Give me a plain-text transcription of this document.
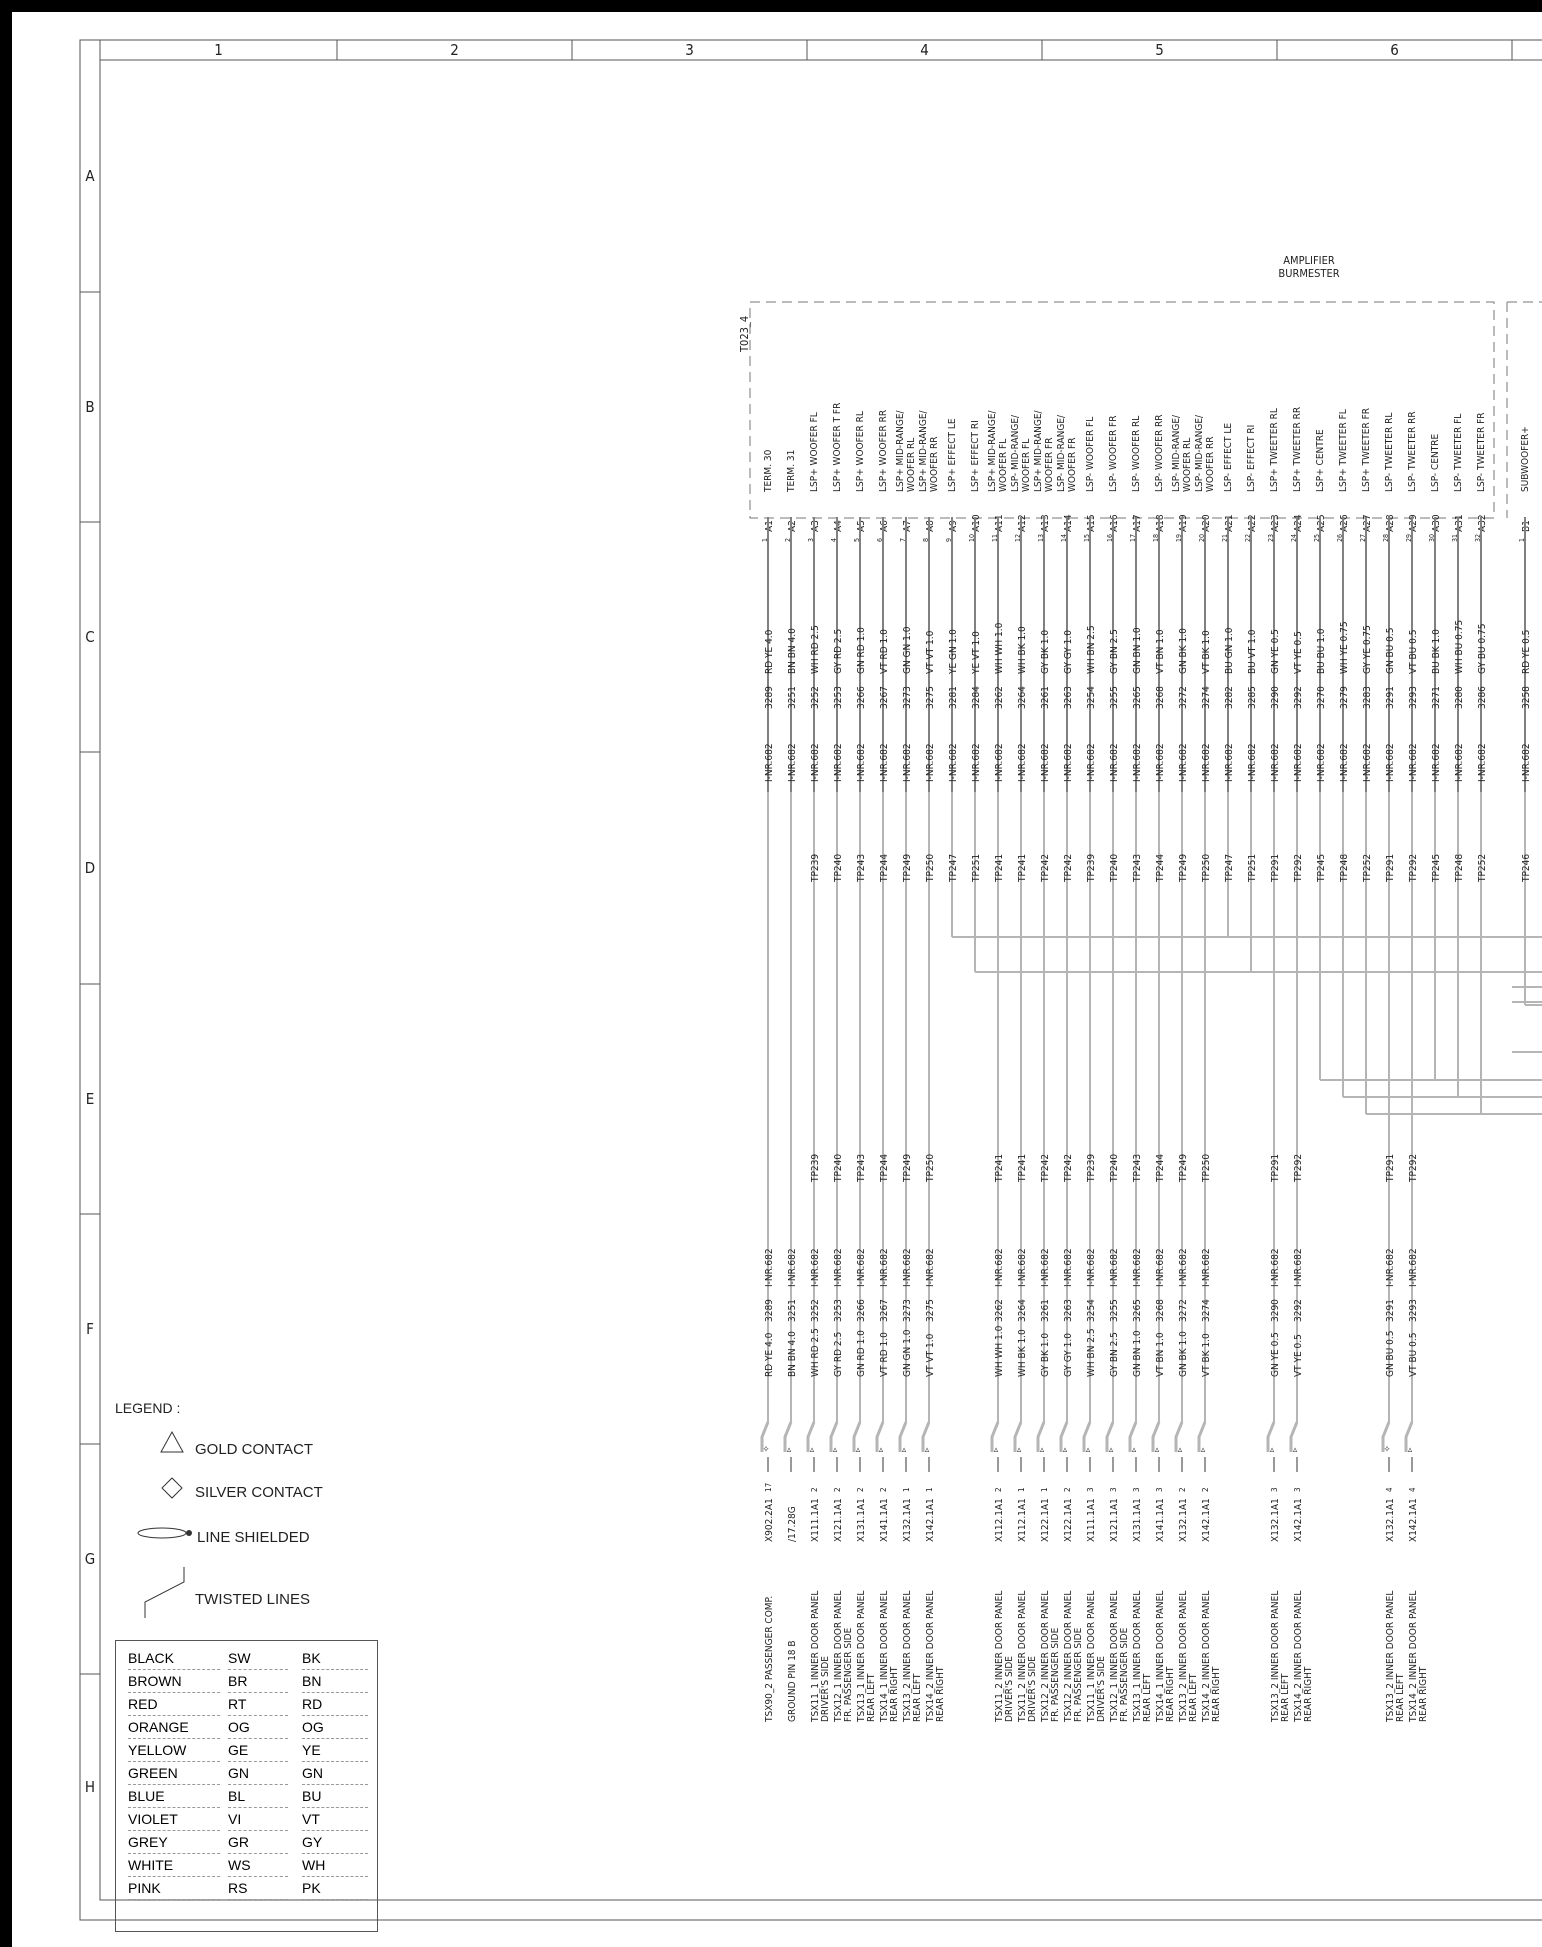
1	2	3	4	5	6
A
B
C
D
E
F
G
H
AMPLIFIER
BURMESTER
T023_4
TERM. 30
A1
1
I-NR.682
3289
RD YE 4.0
I-NR.682
3289
RD YE 4.0
✧
17
X902.2A1
TSX90_2 PASSENGER COMP.
TERM. 31
A2
2
I-NR.682
3251
BN BN 4.0
I-NR.682
3251
BN BN 4.0
▵
/17.28G
GROUND PIN 18 B
LSP+ WOOFER FL
A3
3
I-NR.682
3252
WH RD 2.5
TP239
TP239
I-NR.682
3252
WH RD 2.5
▵
2
X111.1A1
TSX11_1 INNER DOOR PANEL DRIVER'S SIDE
LSP+ WOOFER T FR
A4
4
I-NR.682
3253
GY RD 2.5
TP240
TP240
I-NR.682
3253
GY RD 2.5
▵
2
X121.1A1
TSX12_1 INNER DOOR PANEL FR. PASSENGER SIDE
LSP+ WOOFER RL
A5
5
I-NR.682
3266
GN RD 1.0
TP243
TP243
I-NR.682
3266
GN RD 1.0
▵
2
X131.1A1
TSX13_1 INNER DOOR PANEL REAR LEFT
LSP+ WOOFER RR
A6
6
I-NR.682
3267
VT RD 1.0
TP244
TP244
I-NR.682
3267
VT RD 1.0
▵
2
X141.1A1
TSX14_1 INNER DOOR PANEL REAR RIGHT
LSP+ MID-RANGE/ WOOFER RL
A7
7
I-NR.682
3273
GN GN 1.0
TP249
TP249
I-NR.682
3273
GN GN 1.0
▵
1
X132.1A1
TSX13_2 INNER DOOR PANEL REAR LEFT
LSP+ MID-RANGE/ WOOFER RR
A8
8
I-NR.682
3275
VT VT 1.0
TP250
TP250
I-NR.682
3275
VT VT 1.0
▵
1
X142.1A1
TSX14_2 INNER DOOR PANEL REAR RIGHT
LSP+ EFFECT LE
A9
9
I-NR.682
3281
YE GN 1.0
TP247
LSP+ EFFECT RI
A10
10
I-NR.682
3284
YE VT 1.0
TP251
LSP+ MID-RANGE/ WOOFER FL
A11
11
I-NR.682
3262
WH WH 1.0
TP241
TP241
I-NR.682
3262
WH WH 1.0
▵
2
X112.1A1
TSX11_2 INNER DOOR PANEL DRIVER'S SIDE
LSP- MID-RANGE/ WOOFER FL
A12
12
I-NR.682
3264
WH BK 1.0
TP241
TP241
I-NR.682
3264
WH BK 1.0
▵
1
X112.1A1
TSX11_2 INNER DOOR PANEL DRIVER'S SIDE
LSP+ MID-RANGE/ WOOFER FR
A13
13
I-NR.682
3261
GY BK 1.0
TP242
TP242
I-NR.682
3261
GY BK 1.0
▵
1
X122.1A1
TSX12_2 INNER DOOR PANEL FR. PASSENGER SIDE
LSP- MID-RANGE/ WOOFER FR
A14
14
I-NR.682
3263
GY GY 1.0
TP242
TP242
I-NR.682
3263
GY GY 1.0
▵
2
X122.1A1
TSX12_2 INNER DOOR PANEL FR. PASSENGER SIDE
LSP- WOOFER FL
A15
15
I-NR.682
3254
WH BN 2.5
TP239
TP239
I-NR.682
3254
WH BN 2.5
▵
3
X111.1A1
TSX11_1 INNER DOOR PANEL DRIVER'S SIDE
LSP- WOOFER FR
A16
16
I-NR.682
3255
GY BN 2.5
TP240
TP240
I-NR.682
3255
GY BN 2.5
▵
3
X121.1A1
TSX12_1 INNER DOOR PANEL FR. PASSENGER SIDE
LSP- WOOFER RL
A17
17
I-NR.682
3265
GN BN 1.0
TP243
TP243
I-NR.682
3265
GN BN 1.0
▵
3
X131.1A1
TSX13_1 INNER DOOR PANEL REAR LEFT
LSP- WOOFER RR
A18
18
I-NR.682
3268
VT BN 1.0
TP244
TP244
I-NR.682
3268
VT BN 1.0
▵
3
X141.1A1
TSX14_1 INNER DOOR PANEL REAR RIGHT
LSP- MID-RANGE/ WOOFER RL
A19
19
I-NR.682
3272
GN BK 1.0
TP249
TP249
I-NR.682
3272
GN BK 1.0
▵
2
X132.1A1
TSX13_2 INNER DOOR PANEL REAR LEFT
LSP- MID-RANGE/ WOOFER RR
A20
20
I-NR.682
3274
VT BK 1.0
TP250
TP250
I-NR.682
3274
VT BK 1.0
▵
2
X142.1A1
TSX14_2 INNER DOOR PANEL REAR RIGHT
LSP- EFFECT LE
A21
21
I-NR.682
3282
BU GN 1.0
TP247
LSP- EFFECT RI
A22
22
I-NR.682
3285
BU VT 1.0
TP251
LSP+ TWEETER RL
A23
23
I-NR.682
3290
GN YE 0.5
TP291
TP291
I-NR.682
3290
GN YE 0.5
▵
3
X132.1A1
TSX13_2 INNER DOOR PANEL REAR LEFT
LSP+ TWEETER RR
A24
24
I-NR.682
3292
VT YE 0.5
TP292
TP292
I-NR.682
3292
VT YE 0.5
▵
3
X142.1A1
TSX14_2 INNER DOOR PANEL REAR RIGHT
LSP+ CENTRE
A25
25
I-NR.682
3270
BU BU 1.0
TP245
LSP+ TWEETER FL
A26
26
I-NR.682
3279
WH YE 0.75
TP248
LSP+ TWEETER FR
A27
27
I-NR.682
3283
GY YE 0.75
TP252
LSP- TWEETER RL
A28
28
I-NR.682
3291
GN BU 0.5
TP291
TP291
I-NR.682
3291
GN BU 0.5
✧
4
X132.1A1
TSX13_2 INNER DOOR PANEL REAR LEFT
LSP- TWEETER RR
A29
29
I-NR.682
3293
VT BU 0.5
TP292
TP292
I-NR.682
3293
VT BU 0.5
▵
4
X142.1A1
TSX14_2 INNER DOOR PANEL REAR RIGHT
LSP- CENTRE
A30
30
I-NR.682
3271
BU BK 1.0
TP245
LSP- TWEETER FL
A31
31
I-NR.682
3280
WH BU 0.75
TP248
LSP- TWEETER FR
A32
32
I-NR.682
3286
GY BU 0.75
TP252
SUBWOOFER+
B1
1
I-NR.682
3258
RD YE 0.5
TP246
LEGEND :
GOLD CONTACT
SILVER CONTACT
LINE SHIELDED
TWISTED LINES
BLACK	SW	BK
BROWN	BR	BN
RED	RT	RD
ORANGE	OG	OG
YELLOW	GE	YE
GREEN	GN	GN
BLUE	BL	BU
VIOLET	VI	VT
GREY	GR	GY
WHITE	WS	WH
PINK	RS	PK
